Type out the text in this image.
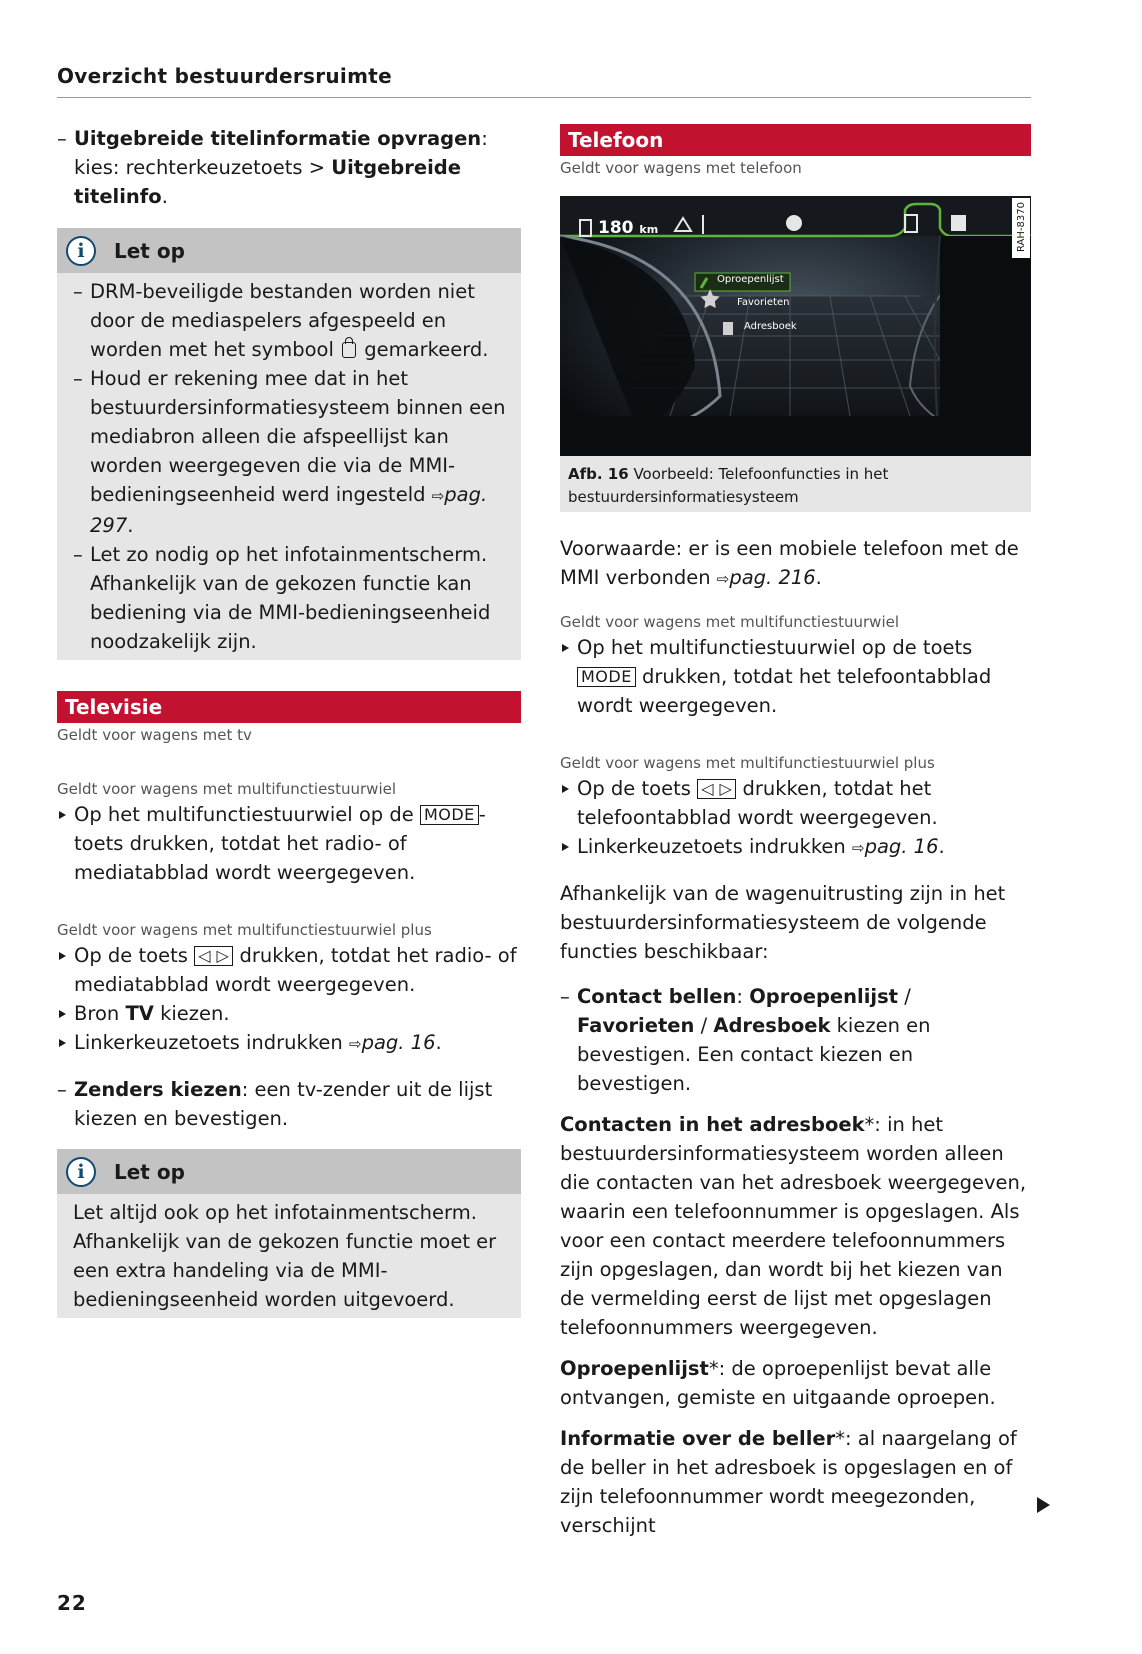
Overzicht bestuurdersruimte

– Uitgebreide titelinformatie opvragen: kies: rechterkeuzetoets > Uitgebreide titelinfo.

i	Let op

– DRM-beveiligde bestanden worden niet door de mediaspelers afgespeeld en worden met het symbool gemarkeerd.

– Houd er rekening mee dat in het bestuurdersinformatiesysteem binnen een mediabron alleen die afspeellijst kan worden weergegeven die via de MMI-bedieningseenheid werd ingesteld ⇨pag. 297.

– Let zo nodig op het infotainmentscherm. Afhankelijk van de gekozen functie kan bediening via de MMI-bedieningseenheid noodzakelijk zijn.

Televisie

Geldt voor wagens met tv

Geldt voor wagens met multifunctiestuurwiel

Op het multifunctiestuurwiel op de MODE -toets drukken, totdat het radio- of mediatabblad wordt weergegeven.

Geldt voor wagens met multifunctiestuurwiel plus

Op de toets ◁ ▷ drukken, totdat het radio- of mediatabblad wordt weergegeven.

Bron TV kiezen.

Linkerkeuzetoets indrukken ⇨pag. 16.

– Zenders kiezen: een tv-zender uit de lijst kiezen en bevestigen.

i	Let op

Let altijd ook op het infotainmentscherm. Afhankelijk van de gekozen functie moet er een extra handeling via de MMI-bedieningseenheid worden uitgevoerd.

Telefoon

Geldt voor wagens met telefoon

180 km
Oproepenlijst
Favorieten
Adresboek
RAH-8370
Afb. 16 Voorbeeld: Telefoonfuncties in het bestuurdersinformatiesysteem

Voorwaarde: er is een mobiele telefoon met de MMI verbonden ⇨pag. 216.

Geldt voor wagens met multifunctiestuurwiel

Op het multifunctiestuurwiel op de toets MODE drukken, totdat het telefoontabblad wordt weergegeven.

Geldt voor wagens met multifunctiestuurwiel plus

Op de toets ◁ ▷ drukken, totdat het telefoontabblad wordt weergegeven.

Linkerkeuzetoets indrukken ⇨pag. 16.

Afhankelijk van de wagenuitrusting zijn in het bestuurdersinformatiesysteem de volgende functies beschikbaar:

– Contact bellen: Oproepenlijst / Favorieten / Adresboek kiezen en bevestigen. Een contact kiezen en bevestigen.

Contacten in het adresboek*: in het bestuurdersinformatiesysteem worden alleen die contacten van het adresboek weergegeven, waarin een telefoonnummer is opgeslagen. Als voor een contact meerdere telefoonnummers zijn opgeslagen, dan wordt bij het kiezen van de vermelding eerst de lijst met opgeslagen telefoonnummers weergegeven.

Oproepenlijst*: de oproepenlijst bevat alle ontvangen, gemiste en uitgaande oproepen.

Informatie over de beller*: al naargelang of de beller in het adresboek is opgeslagen en of zijn telefoonnummer wordt meegezonden, verschijnt

22
